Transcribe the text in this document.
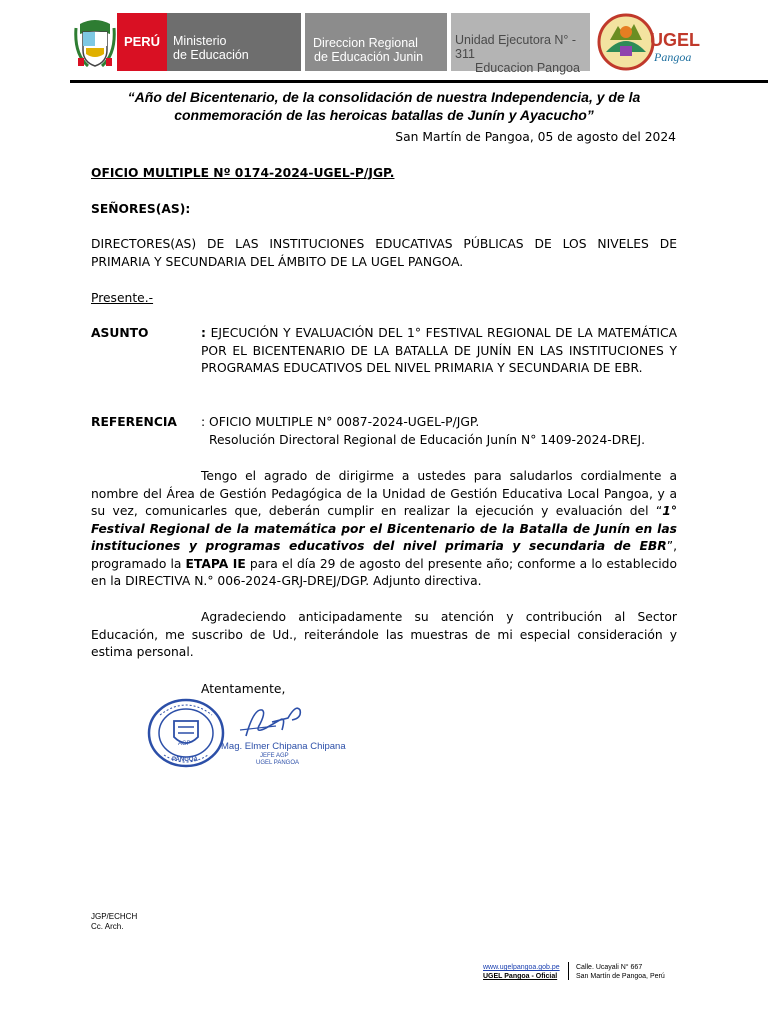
PERÚ Ministerio
de Educación
Direccion Regional
de Educación Junin
Unidad Ejecutora N° - 311
Educacion Pangoa
UGEL
Pangoa
“Año del Bicentenario, de la consolidación de nuestra Independencia, y de la
conmemoración de las heroicas batallas de Junín y Ayacucho”
San Martín de Pangoa, 05 de agosto del 2024
OFICIO MULTIPLE Nº 0174-2024-UGEL-P/JGP.
SEÑORES(AS):
DIRECTORES(AS) DE LAS INSTITUCIONES EDUCATIVAS PÚBLICAS DE LOS NIVELES DE PRIMARIA Y SECUNDARIA DEL ÁMBITO DE LA UGEL PANGOA.
Presente.-
ASUNTO	: EJECUCIÓN Y EVALUACIÓN DEL 1° FESTIVAL REGIONAL DE LA MATEMÁTICA POR EL BICENTENARIO DE LA BATALLA DE JUNÍN EN LAS INSTITUCIONES Y PROGRAMAS EDUCATIVOS DEL NIVEL PRIMARIA Y SECUNDARIA DE EBR.
REFERENCIA : OFICIO MULTIPLE N° 0087-2024-UGEL-P/JGP.
Resolución Directoral Regional de Educación Junín N° 1409-2024-DREJ.
Tengo el agrado de dirigirme a ustedes para saludarlos cordialmente a nombre del Área de Gestión Pedagógica de la Unidad de Gestión Educativa Local Pangoa, y a su vez, comunicarles que, deberán cumplir en realizar la ejecución y evaluación del “1° Festival Regional de la matemática por el Bicentenario de la Batalla de Junín en las instituciones y programas educativos del nivel primaria y secundaria de EBR”, programado la ETAPA IE para el día 29 de agosto del presente año; conforme a lo establecido en la DIRECTIVA N.° 006-2024-GRJ-DREJ/DGP. Adjunto directiva.
Agradeciendo anticipadamente su atención y contribución al Sector Educación, me suscribo de Ud., reiterándole las muestras de mi especial consideración y estima personal.
Atentamente,
AGP
PANGOA
Mag. Elmer Chipana Chipana
JEFE AGP
UGEL PANGOA
JGP/ECHCH
Cc. Arch.
www.ugelpangoa.gob.pe
UGEL Pangoa - Oficial
Calle. Ucayali N° 667
San Martín de Pangoa, Perú
